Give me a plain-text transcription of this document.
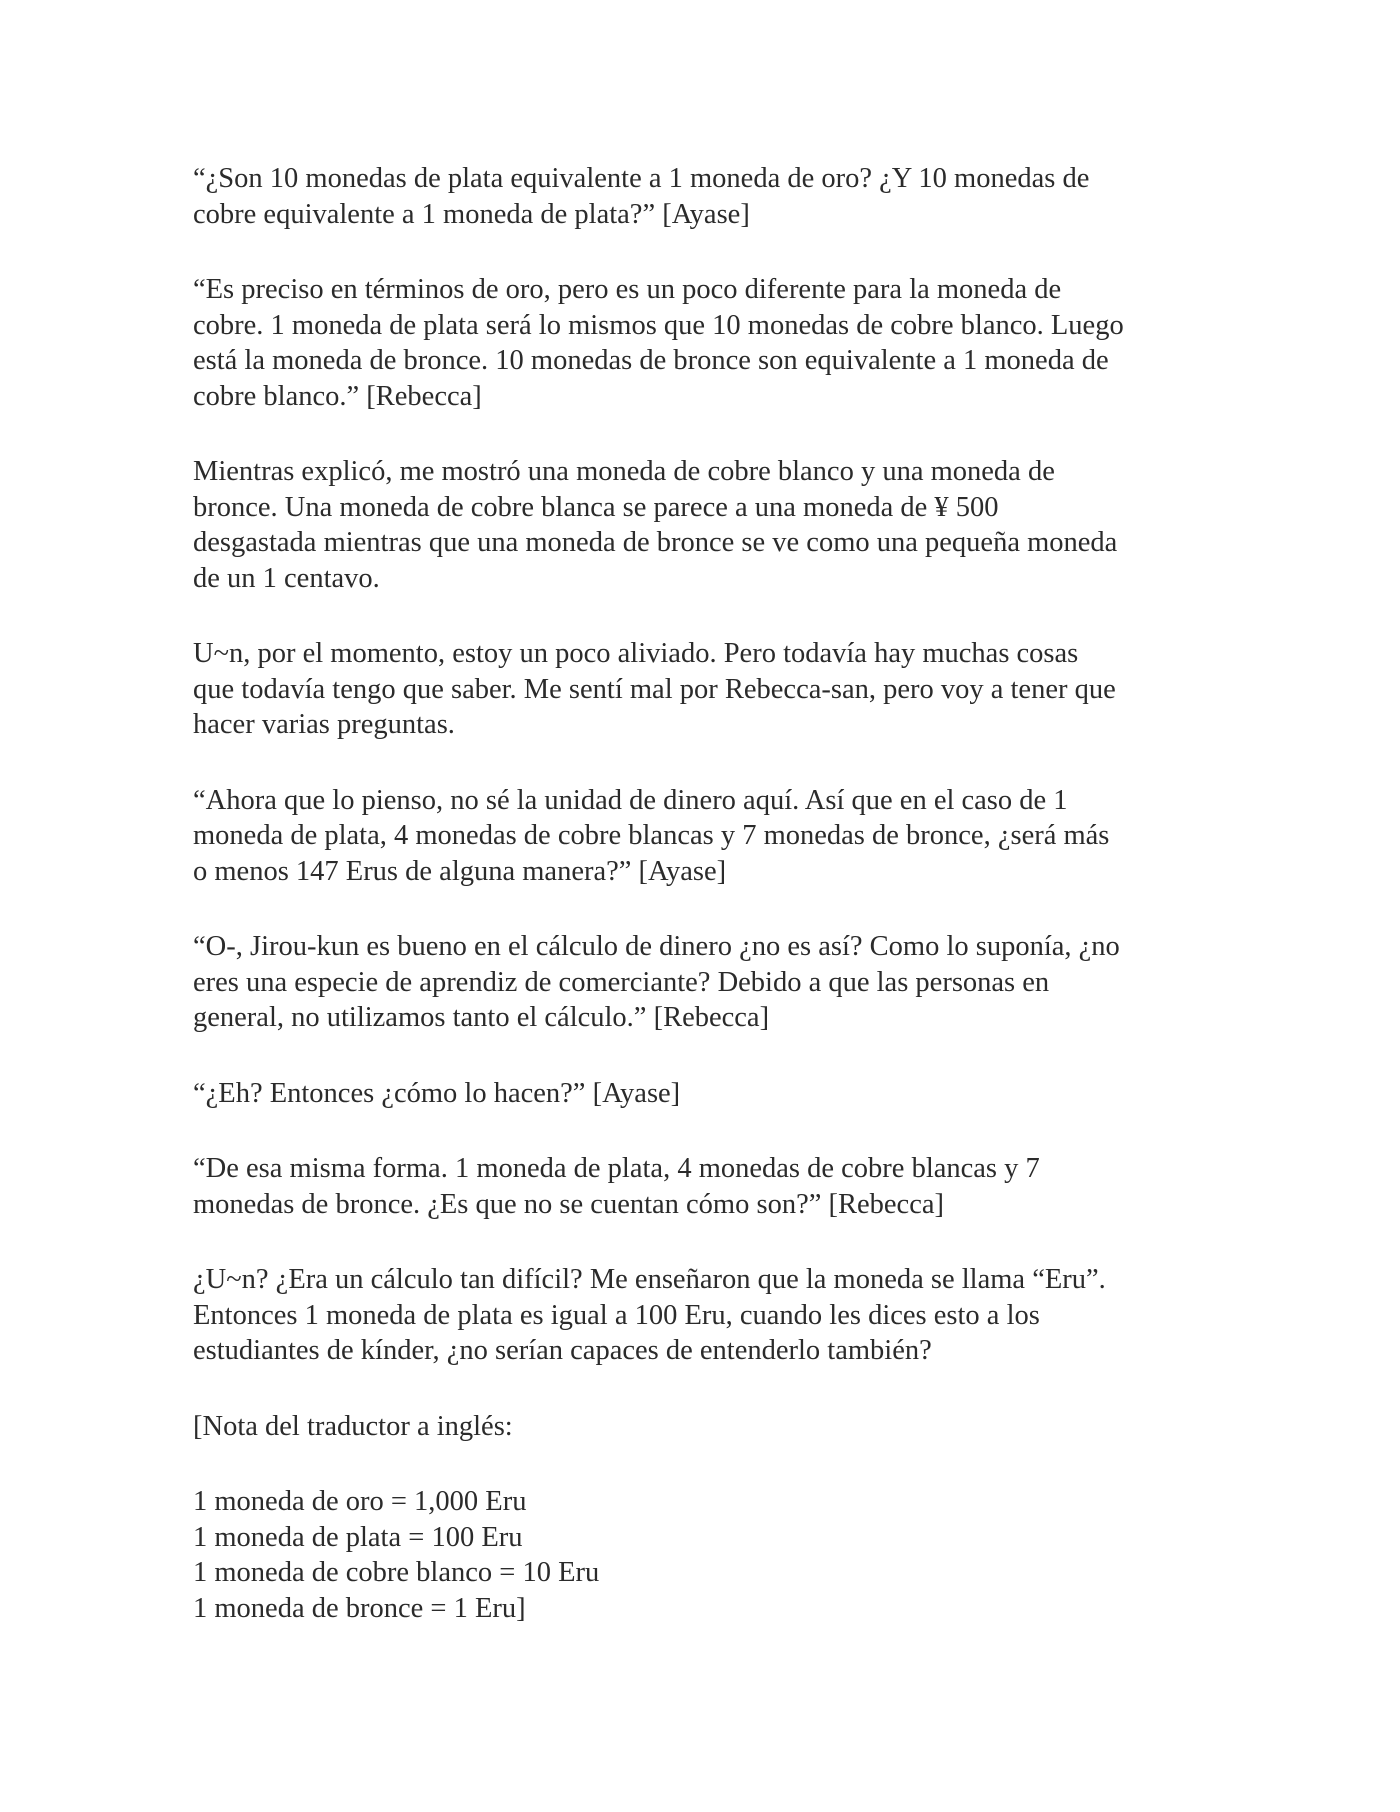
“¿Son 10 monedas de plata equivalente a 1 moneda de oro? ¿Y 10 monedas de
cobre equivalente a 1 moneda de plata?” [Ayase]

“Es preciso en términos de oro, pero es un poco diferente para la moneda de
cobre. 1 moneda de plata será lo mismos que 10 monedas de cobre blanco. Luego
está la moneda de bronce. 10 monedas de bronce son equivalente a 1 moneda de
cobre blanco.” [Rebecca]

Mientras explicó, me mostró una moneda de cobre blanco y una moneda de
bronce. Una moneda de cobre blanca se parece a una moneda de ¥ 500
desgastada mientras que una moneda de bronce se ve como una pequeña moneda
de un 1 centavo.

U~n, por el momento, estoy un poco aliviado. Pero todavía hay muchas cosas
que todavía tengo que saber. Me sentí mal por Rebecca-san, pero voy a tener que
hacer varias preguntas.

“Ahora que lo pienso, no sé la unidad de dinero aquí. Así que en el caso de 1
moneda de plata, 4 monedas de cobre blancas y 7 monedas de bronce, ¿será más
o menos 147 Erus de alguna manera?” [Ayase]

“O-, Jirou-kun es bueno en el cálculo de dinero ¿no es así? Como lo suponía, ¿no
eres una especie de aprendiz de comerciante? Debido a que las personas en
general, no utilizamos tanto el cálculo.” [Rebecca]

“¿Eh? Entonces ¿cómo lo hacen?” [Ayase]

“De esa misma forma. 1 moneda de plata, 4 monedas de cobre blancas y 7
monedas de bronce. ¿Es que no se cuentan cómo son?” [Rebecca]

¿U~n? ¿Era un cálculo tan difícil? Me enseñaron que la moneda se llama “Eru”.
Entonces 1 moneda de plata es igual a 100 Eru, cuando les dices esto a los
estudiantes de kínder, ¿no serían capaces de entenderlo también?

[Nota del traductor a inglés:

1 moneda de oro = 1,000 Eru
1 moneda de plata = 100 Eru
1 moneda de cobre blanco = 10 Eru
1 moneda de bronce = 1 Eru]
